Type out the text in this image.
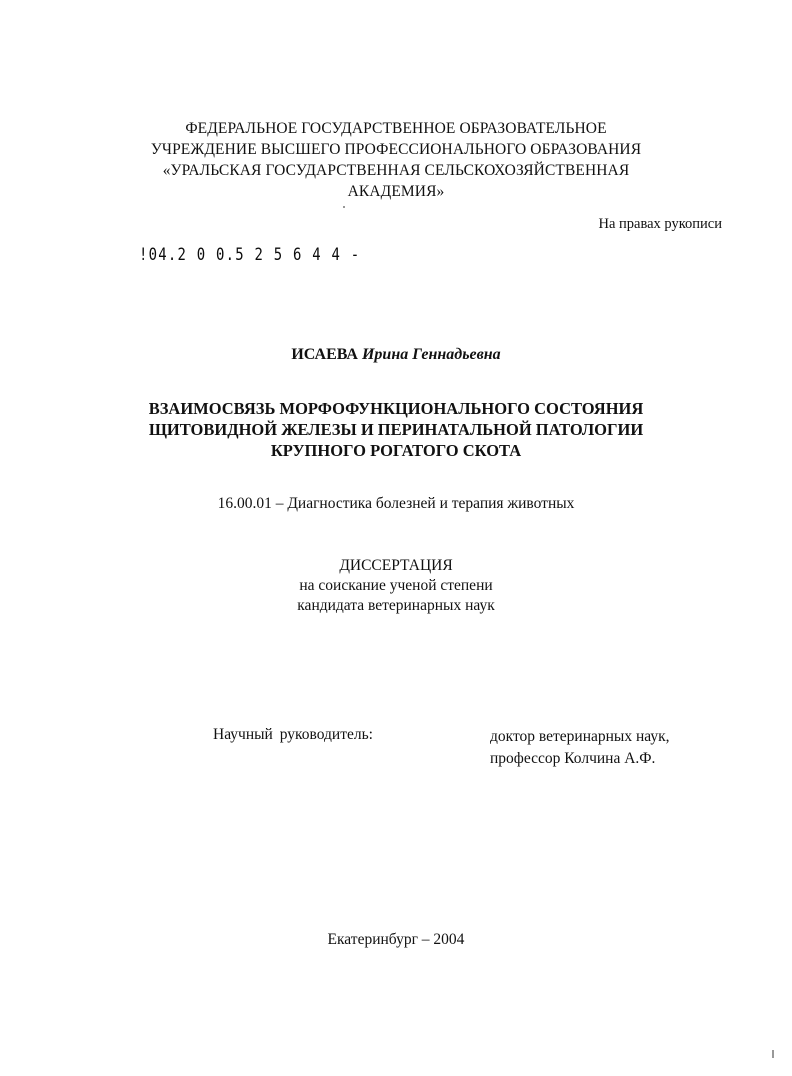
ФЕДЕРАЛЬНОЕ ГОСУДАРСТВЕННОЕ ОБРАЗОВАТЕЛЬНОЕ
УЧРЕЖДЕНИЕ ВЫСШЕГО ПРОФЕССИОНАЛЬНОГО ОБРАЗОВАНИЯ
«УРАЛЬСКАЯ ГОСУДАРСТВЕННАЯ СЕЛЬСКОХОЗЯЙСТВЕННАЯ
АКАДЕМИЯ»
На правах рукописи
!04.2 0 0.5 2 5 6 4 4 -
ИСАЕВА Ирина Геннадьевна
ВЗАИМОСВЯЗЬ МОРФОФУНКЦИОНАЛЬНОГО СОСТОЯНИЯ
ЩИТОВИДНОЙ ЖЕЛЕЗЫ И ПЕРИНАТАЛЬНОЙ ПАТОЛОГИИ
КРУПНОГО РОГАТОГО СКОТА
16.00.01 – Диагностика болезней и терапия животных
ДИССЕРТАЦИЯ
на соискание ученой степени
кандидата ветеринарных наук
Научный руководитель:	доктор ветеринарных наук,
профессор Колчина А.Ф.
Екатеринбург – 2004
